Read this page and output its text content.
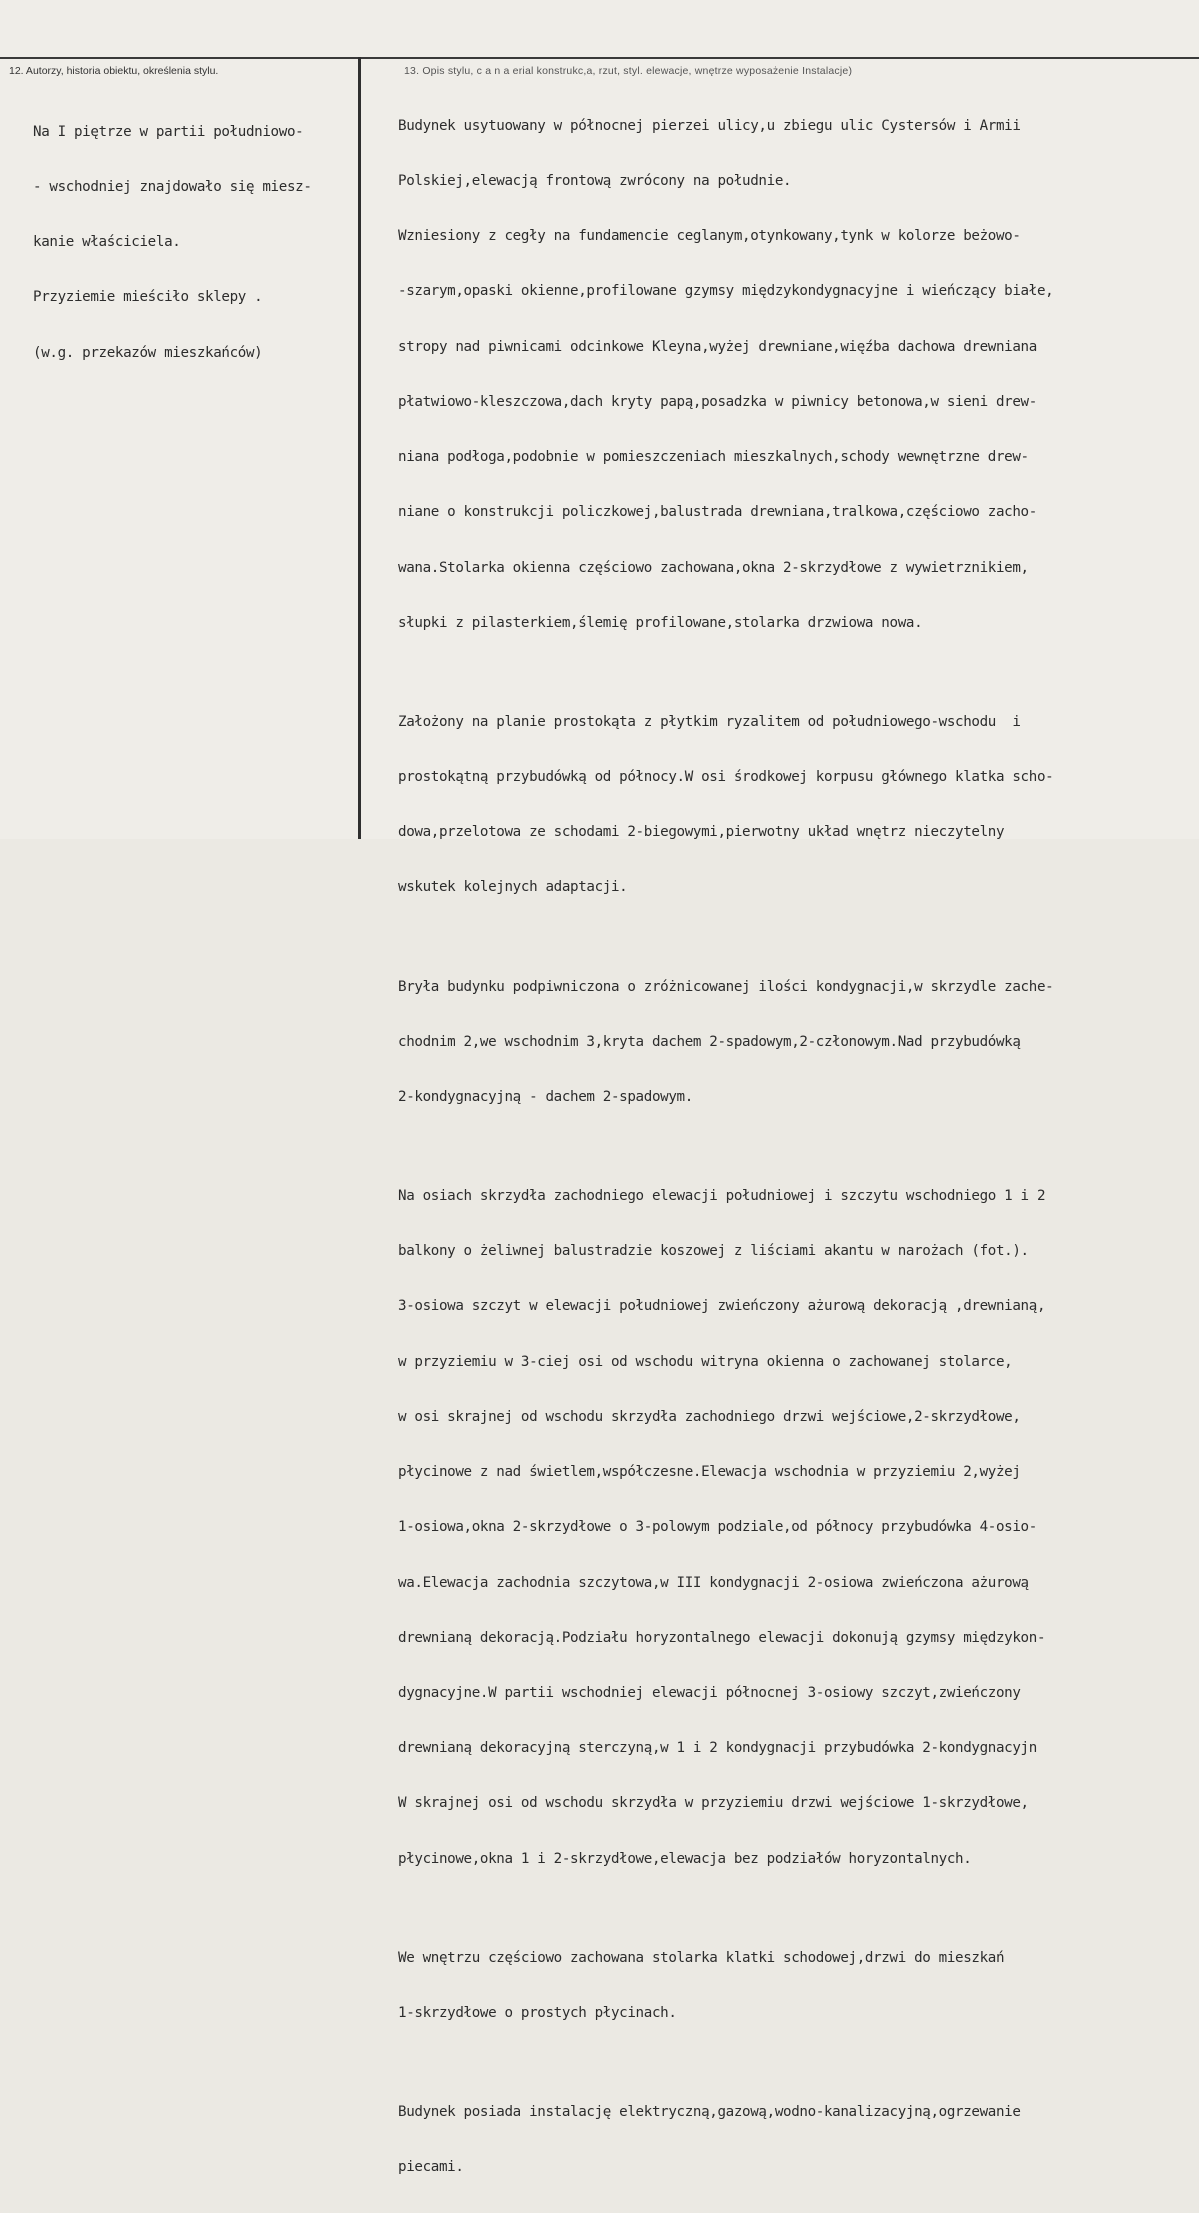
12. Autorzy, historia obiektu, określenia stylu.	13. Opis stylu, c a n a erial konstrukc,a, rzut, styl. elewacje, wnętrze wyposażenie Instalacje)

Na I piętrze w partii południowo-

- wschodniej znajdowało się miesz-

kanie właściciela.

Przyziemie mieściło sklepy .

(w.g. przekazów mieszkańców)

Budynek usytuowany w północnej pierzei ulicy,u zbiegu ulic Cystersów i Armii

Polskiej,elewacją frontową zwrócony na południe.

Wzniesiony z cegły na fundamencie ceglanym,otynkowany,tynk w kolorze beżowo-

-szarym,opaski okienne,profilowane gzymsy międzykondygnacyjne i wieńczący białe,

stropy nad piwnicami odcinkowe Kleyna,wyżej drewniane,więźba dachowa drewniana

płatwiowo-kleszczowa,dach kryty papą,posadzka w piwnicy betonowa,w sieni drew-

niana podłoga,podobnie w pomieszczeniach mieszkalnych,schody wewnętrzne drew-

niane o konstrukcji policzkowej,balustrada drewniana,tralkowa,częściowo zacho-

wana.Stolarka okienna częściowo zachowana,okna 2-skrzydłowe z wywietrznikiem,

słupki z pilasterkiem,ślemię profilowane,stolarka drzwiowa nowa.

Założony na planie prostokąta z płytkim ryzalitem od południowego-wschodu  i

prostokątną przybudówką od północy.W osi środkowej korpusu głównego klatka scho-

dowa,przelotowa ze schodami 2-biegowymi,pierwotny układ wnętrz nieczytelny

wskutek kolejnych adaptacji.

Bryła budynku podpiwniczona o zróżnicowanej ilości kondygnacji,w skrzydle zache-

chodnim 2,we wschodnim 3,kryta dachem 2-spadowym,2-członowym.Nad przybudówką

2-kondygnacyjną - dachem 2-spadowym.

Na osiach skrzydła zachodniego elewacji południowej i szczytu wschodniego 1 i 2

balkony o żeliwnej balustradzie koszowej z liściami akantu w narożach (fot.).

3-osiowa szczyt w elewacji południowej zwieńczony ażurową dekoracją ,drewnianą,

w przyziemiu w 3-ciej osi od wschodu witryna okienna o zachowanej stolarce,

w osi skrajnej od wschodu skrzydła zachodniego drzwi wejściowe,2-skrzydłowe,

płycinowe z nad świetlem,współczesne.Elewacja wschodnia w przyziemiu 2,wyżej

1-osiowa,okna 2-skrzydłowe o 3-polowym podziale,od północy przybudówka 4-osio-

wa.Elewacja zachodnia szczytowa,w III kondygnacji 2-osiowa zwieńczona ażurową

drewnianą dekoracją.Podziału horyzontalnego elewacji dokonują gzymsy międzykon-

dygnacyjne.W partii wschodniej elewacji północnej 3-osiowy szczyt,zwieńczony

drewnianą dekoracyjną sterczyną,w 1 i 2 kondygnacji przybudówka 2-kondygnacyjn

W skrajnej osi od wschodu skrzydła w przyziemiu drzwi wejściowe 1-skrzydłowe,

płycinowe,okna 1 i 2-skrzydłowe,elewacja bez podziałów horyzontalnych.

We wnętrzu częściowo zachowana stolarka klatki schodowej,drzwi do mieszkań

1-skrzydłowe o prostych płycinach.

Budynek posiada instalację elektryczną,gazową,wodno-kanalizacyjną,ogrzewanie

piecami.
